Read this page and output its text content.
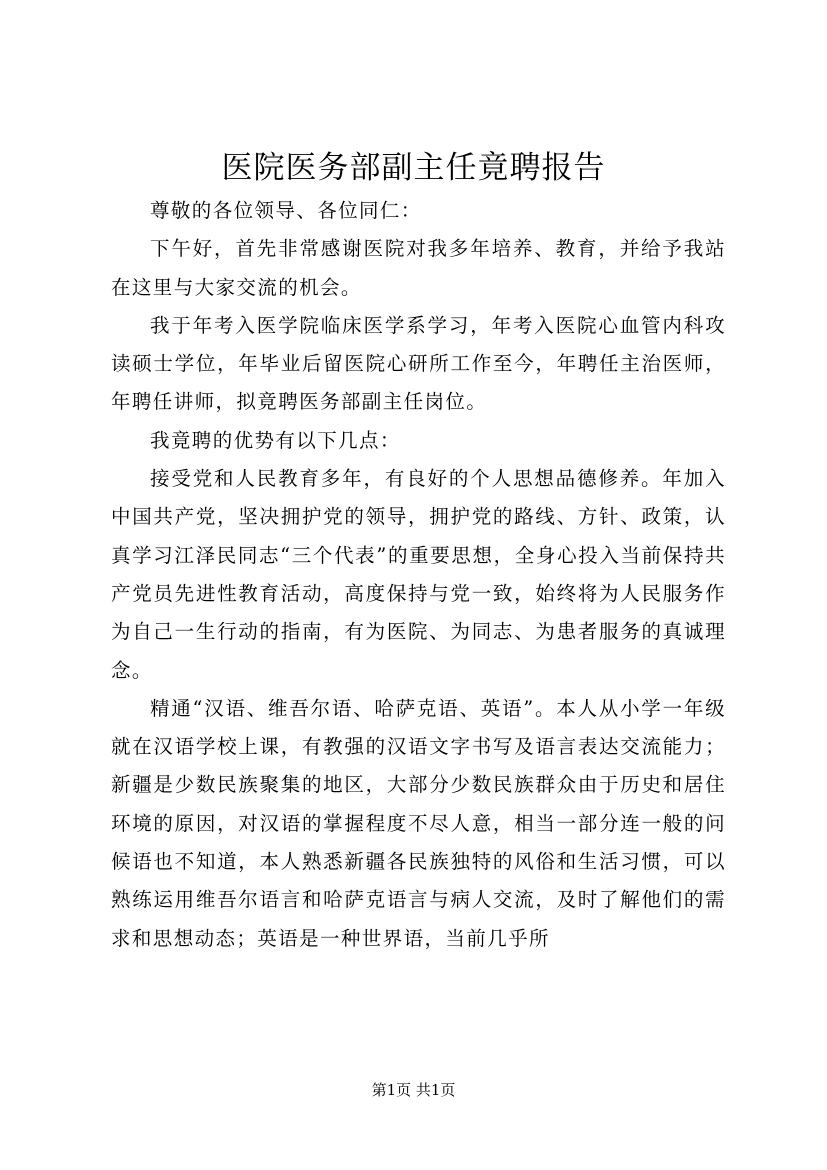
医院医务部副主任竟聘报告

尊敬的各位领导、各位同仁：

下午好，首先非常感谢医院对我多年培养、教育，并给予我站在这里与大家交流的机会。

我于年考入医学院临床医学系学习，年考入医院心血管内科攻读硕士学位，年毕业后留医院心研所工作至今，年聘任主治医师，年聘任讲师，拟竟聘医务部副主任岗位。

我竟聘的优势有以下几点：

接受党和人民教育多年，有良好的个人思想品德修养。年加入中国共产党，坚决拥护党的领导，拥护党的路线、方针、政策，认真学习江泽民同志“三个代表”的重要思想，全身心投入当前保持共产党员先进性教育活动，高度保持与党一致，始终将为人民服务作为自己一生行动的指南，有为医院、为同志、为患者服务的真诚理念。

精通“汉语、维吾尔语、哈萨克语、英语”。本人从小学一年级就在汉语学校上课，有教强的汉语文字书写及语言表达交流能力；新疆是少数民族聚集的地区，大部分少数民族群众由于历史和居住环境的原因，对汉语的掌握程度不尽人意，相当一部分连一般的问候语也不知道，本人熟悉新疆各民族独特的风俗和生活习惯，可以熟练运用维吾尔语言和哈萨克语言与病人交流，及时了解他们的需求和思想动态；英语是一种世界语，当前几乎所

第1页 共1页
